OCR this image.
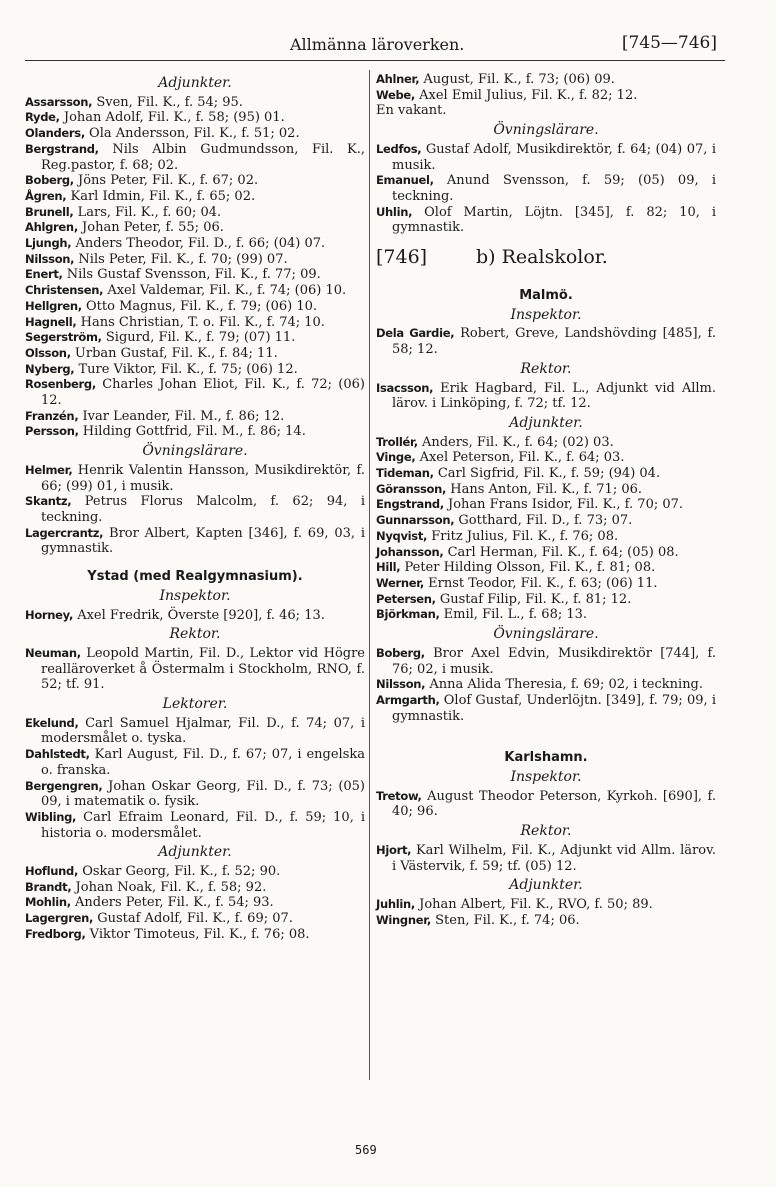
Allmänna läroverken.	[745—746]
Adjunkter.
Assarsson, Sven, Fil. K., f. 54; 95.
Ryde, Johan Adolf, Fil. K., f. 58; (95) 01.
Olanders, Ola Andersson, Fil. K., f. 51; 02.
Bergstrand, Nils Albin Gudmundsson, Fil. K., Reg.pastor, f. 68; 02.
Boberg, Jöns Peter, Fil. K., f. 67; 02.
Ågren, Karl Idmin, Fil. K., f. 65; 02.
Brunell, Lars, Fil. K., f. 60; 04.
Ahlgren, Johan Peter, f. 55; 06.
Ljungh, Anders Theodor, Fil. D., f. 66; (04) 07.
Nilsson, Nils Peter, Fil. K., f. 70; (99) 07.
Enert, Nils Gustaf Svensson, Fil. K., f. 77; 09.
Christensen, Axel Valdemar, Fil. K., f. 74; (06) 10.
Hellgren, Otto Magnus, Fil. K., f. 79; (06) 10.
Hagnell, Hans Christian, T. o. Fil. K., f. 74; 10.
Segerström, Sigurd, Fil. K., f. 79; (07) 11.
Olsson, Urban Gustaf, Fil. K., f. 84; 11.
Nyberg, Ture Viktor, Fil. K., f. 75; (06) 12.
Rosenberg, Charles Johan Eliot, Fil. K., f. 72; (06) 12.
Franzén, Ivar Leander, Fil. M., f. 86; 12.
Persson, Hilding Gottfrid, Fil. M., f. 86; 14.
Övningslärare.
Helmer, Henrik Valentin Hansson, Musikdirektör, f. 66; (99) 01, i musik.
Skantz, Petrus Florus Malcolm, f. 62; 94, i teckning.
Lagercrantz, Bror Albert, Kapten [346], f. 69, 03, i gymnastik.
Ystad (med Realgymnasium).
Inspektor.
Horney, Axel Fredrik, Överste [920], f. 46; 13.
Rektor.
Neuman, Leopold Martin, Fil. D., Lektor vid Högre realläroverket å Östermalm i Stockholm, RNO, f. 52; tf. 91.
Lektorer.
Ekelund, Carl Samuel Hjalmar, Fil. D., f. 74; 07, i modersmålet o. tyska.
Dahlstedt, Karl August, Fil. D., f. 67; 07, i engelska o. franska.
Bergengren, Johan Oskar Georg, Fil. D., f. 73; (05) 09, i matematik o. fysik.
Wibling, Carl Efraim Leonard, Fil. D., f. 59; 10, i historia o. modersmålet.
Adjunkter.
Hoflund, Oskar Georg, Fil. K., f. 52; 90.
Brandt, Johan Noak, Fil. K., f. 58; 92.
Mohlin, Anders Peter, Fil. K., f. 54; 93.
Lagergren, Gustaf Adolf, Fil. K., f. 69; 07.
Fredborg, Viktor Timoteus, Fil. K., f. 76; 08.
Ahlner, August, Fil. K., f. 73; (06) 09.
Webe, Axel Emil Julius, Fil. K., f. 82; 12.
En vakant.
Övningslärare.
Ledfos, Gustaf Adolf, Musikdirektör, f. 64; (04) 07, i musik.
Emanuel, Anund Svensson, f. 59; (05) 09, i teckning.
Uhlin, Olof Martin, Löjtn. [345], f. 82; 10, i gymnastik.
[746]	b) Realskolor.
Malmö.
Inspektor.
Dela Gardie, Robert, Greve, Landshövding [485], f. 58; 12.
Rektor.
Isacsson, Erik Hagbard, Fil. L., Adjunkt vid Allm. lärov. i Linköping, f. 72; tf. 12.
Adjunkter.
Trollér, Anders, Fil. K., f. 64; (02) 03.
Vinge, Axel Peterson, Fil. K., f. 64; 03.
Tideman, Carl Sigfrid, Fil. K., f. 59; (94) 04.
Göransson, Hans Anton, Fil. K., f. 71; 06.
Engstrand, Johan Frans Isidor, Fil. K., f. 70; 07.
Gunnarsson, Gotthard, Fil. D., f. 73; 07.
Nyqvist, Fritz Julius, Fil. K., f. 76; 08.
Johansson, Carl Herman, Fil. K., f. 64; (05) 08.
Hill, Peter Hilding Olsson, Fil. K., f. 81; 08.
Werner, Ernst Teodor, Fil. K., f. 63; (06) 11.
Petersen, Gustaf Filip, Fil. K., f. 81; 12.
Björkman, Emil, Fil. L., f. 68; 13.
Övningslärare.
Boberg, Bror Axel Edvin, Musikdirektör [744], f. 76; 02, i musik.
Nilsson, Anna Alida Theresia, f. 69; 02, i teckning.
Armgarth, Olof Gustaf, Underlöjtn. [349], f. 79; 09, i gymnastik.
Karlshamn.
Inspektor.
Tretow, August Theodor Peterson, Kyrkoh. [690], f. 40; 96.
Rektor.
Hjort, Karl Wilhelm, Fil. K., Adjunkt vid Allm. lärov. i Västervik, f. 59; tf. (05) 12.
Adjunkter.
Juhlin, Johan Albert, Fil. K., RVO, f. 50; 89.
Wingner, Sten, Fil. K., f. 74; 06.
569
